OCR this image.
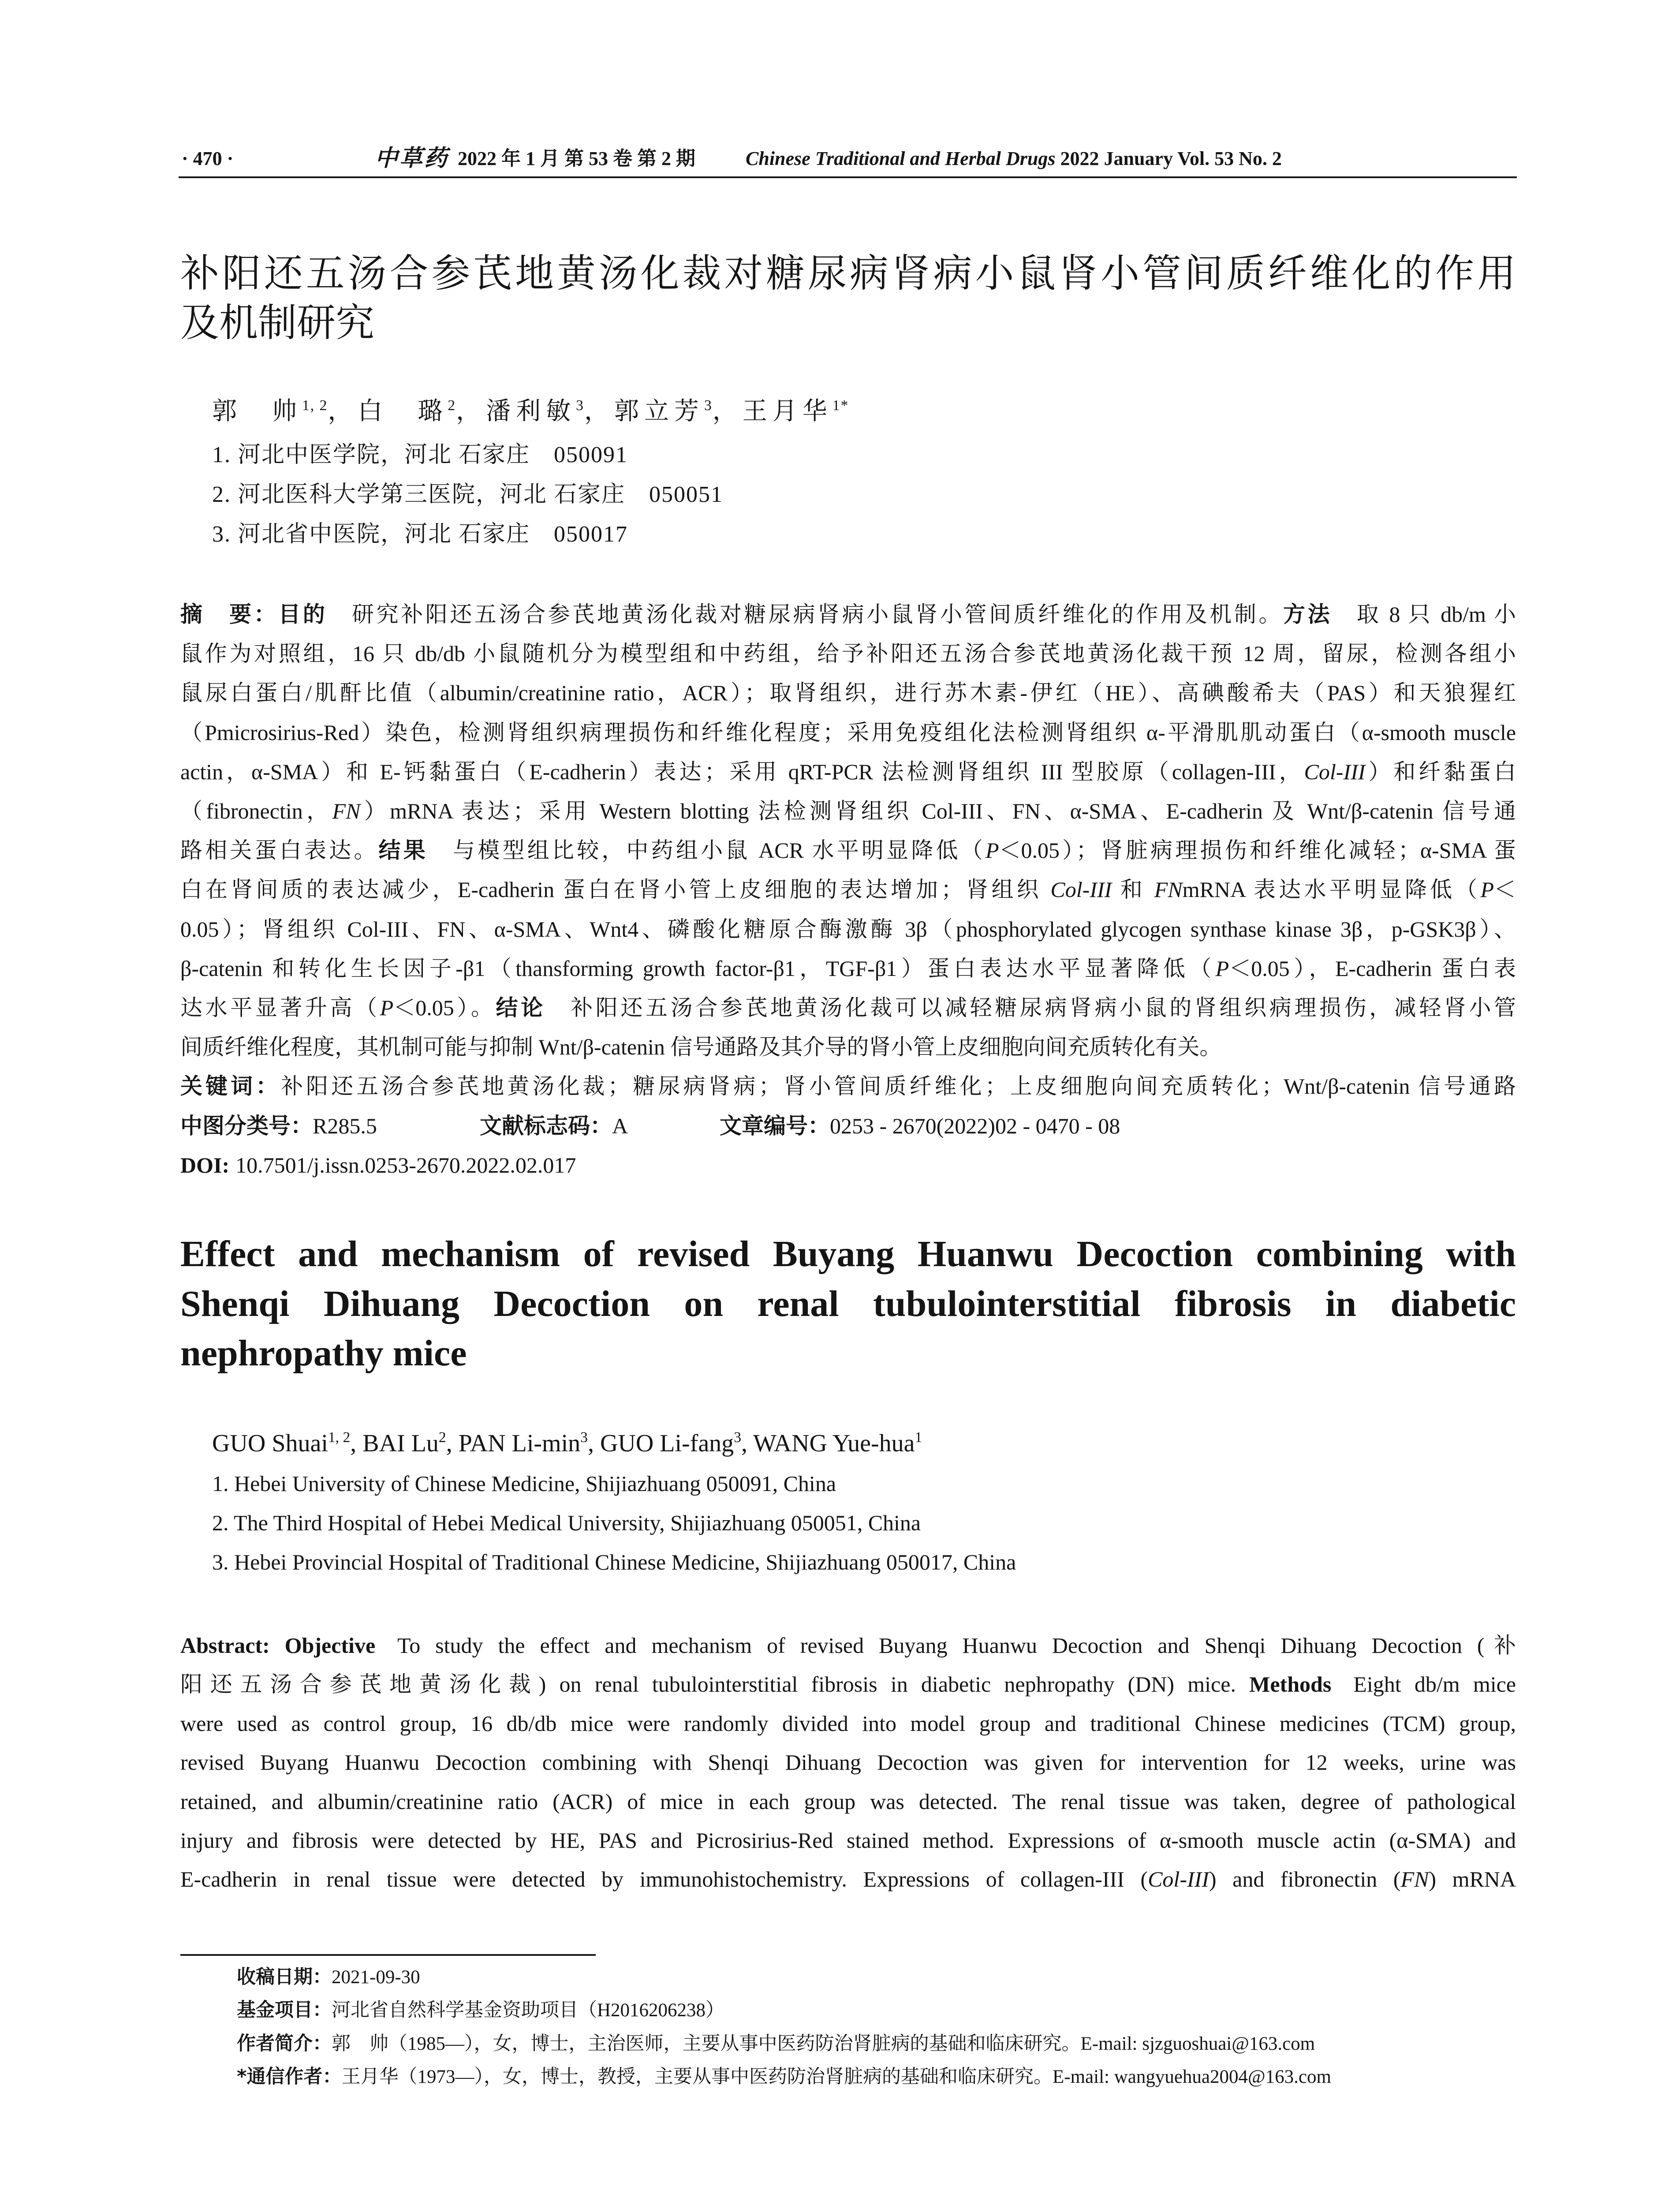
· 470 ·	中草药 2022 年 1 月 第 53 卷 第 2 期	Chinese Traditional and Herbal Drugs 2022 January Vol. 53 No. 2
补阳还五汤合参芪地黄汤化裁对糖尿病肾病小鼠肾小管间质纤维化的作用
及机制研究
郭　帅$^{1, 2}$，白　璐$^2$，潘利敏$^3$，郭立芳$^3$，王月华$^{1*}$
1. 河北中医学院，河北 石家庄　050091
2. 河北医科大学第三医院，河北 石家庄　050051
3. 河北省中医院，河北 石家庄　050017
摘　要：目的　研究补阳还五汤合参芪地黄汤化裁对糖尿病肾病小鼠肾小管间质纤维化的作用及机制。方法　取 8 只 db/m 小
鼠作为对照组，16 只 db/db 小鼠随机分为模型组和中药组，给予补阳还五汤合参芪地黄汤化裁干预 12 周，留尿，检测各组小
鼠尿白蛋白/肌酐比值（albumin/creatinine ratio，ACR）；取肾组织，进行苏木素-伊红（HE）、高碘酸希夫（PAS）和天狼猩红
（Pmicrosirius-Red）染色，检测肾组织病理损伤和纤维化程度；采用免疫组化法检测肾组织 α-平滑肌肌动蛋白（α-smooth muscle
actin，α-SMA）和 E-钙黏蛋白（E-cadherin）表达；采用 qRT-PCR 法检测肾组织 III 型胶原（collagen-III，Col-III）和纤黏蛋白
（fibronectin，FN）mRNA 表达；采用 Western blotting 法检测肾组织 Col-III、FN、α-SMA、E-cadherin 及 Wnt/β-catenin 信号通
路相关蛋白表达。结果　与模型组比较，中药组小鼠 ACR 水平明显降低（P＜0.05）；肾脏病理损伤和纤维化减轻；α-SMA 蛋
白在肾间质的表达减少，E-cadherin 蛋白在肾小管上皮细胞的表达增加；肾组织 Col-III 和 FNmRNA 表达水平明显降低（P＜
0.05）；肾组织 Col-III、FN、α-SMA、Wnt4、磷酸化糖原合酶激酶 3β（phosphorylated glycogen synthase kinase 3β，p-GSK3β）、
β-catenin 和转化生长因子-β1（thansforming growth factor-β1，TGF-β1）蛋白表达水平显著降低（P＜0.05），E-cadherin 蛋白表
达水平显著升高（P＜0.05）。结论　补阳还五汤合参芪地黄汤化裁可以减轻糖尿病肾病小鼠的肾组织病理损伤，减轻肾小管
间质纤维化程度，其机制可能与抑制 Wnt/β-catenin 信号通路及其介导的肾小管上皮细胞向间充质转化有关。
关键词：补阳还五汤合参芪地黄汤化裁；糖尿病肾病；肾小管间质纤维化；上皮细胞向间充质转化；Wnt/β-catenin 信号通路
中图分类号：R285.5	文献标志码：A	文章编号：0253 - 2670(2022)02 - 0470 - 08
DOI: 10.7501/j.issn.0253-2670.2022.02.017
Effect and mechanism of revised Buyang Huanwu Decoction combining with
Shenqi Dihuang Decoction on renal tubulointerstitial fibrosis in diabetic
nephropathy mice
GUO Shuai$^{1, 2}$, BAI Lu$^2$, PAN $Li-\min^3$, GUO Li-fang$^3$, WANG Yue-hua$^1$
1. Hebei University of Chinese Medicine, Shijiazhuang 050091, China
2. The Third Hospital of Hebei Medical University, Shijiazhuang 050051, China
3. Hebei Provincial Hospital of Traditional Chinese Medicine, Shijiazhuang 050017, China
Abstract: Objective To study the effect and mechanism of revised Buyang Huanwu Decoction and Shenqi Dihuang Decoction (补
阳还五汤合参芪地黄汤化裁) on renal tubulointerstitial fibrosis in diabetic nephropathy (DN) mice. Methods Eight db/m mice
were used as control group, 16 db/db mice were randomly divided into model group and traditional Chinese medicines (TCM) group,
revised Buyang Huanwu Decoction combining with Shenqi Dihuang Decoction was given for intervention for 12 weeks, urine was
retained, and albumin/creatinine ratio (ACR) of mice in each group was detected. The renal tissue was taken, degree of pathological
injury and fibrosis were detected by HE, PAS and Picrosirius-Red stained method. Expressions of α-smooth muscle actin (α-SMA) and
E-cadherin in renal tissue were detected by immunohistochemistry. Expressions of collagen-III (Col-III) and fibronectin (FN) mRNA
收稿日期：2021-09-30
基金项目：河北省自然科学基金资助项目（H2016206238）
作者简介：郭　帅（1985—），女，博士，主治医师，主要从事中医药防治肾脏病的基础和临床研究。E-mail: sjzguoshuai@163.com
*通信作者：王月华（1973—），女，博士，教授，主要从事中医药防治肾脏病的基础和临床研究。E-mail: wangyuehua2004@163.com
